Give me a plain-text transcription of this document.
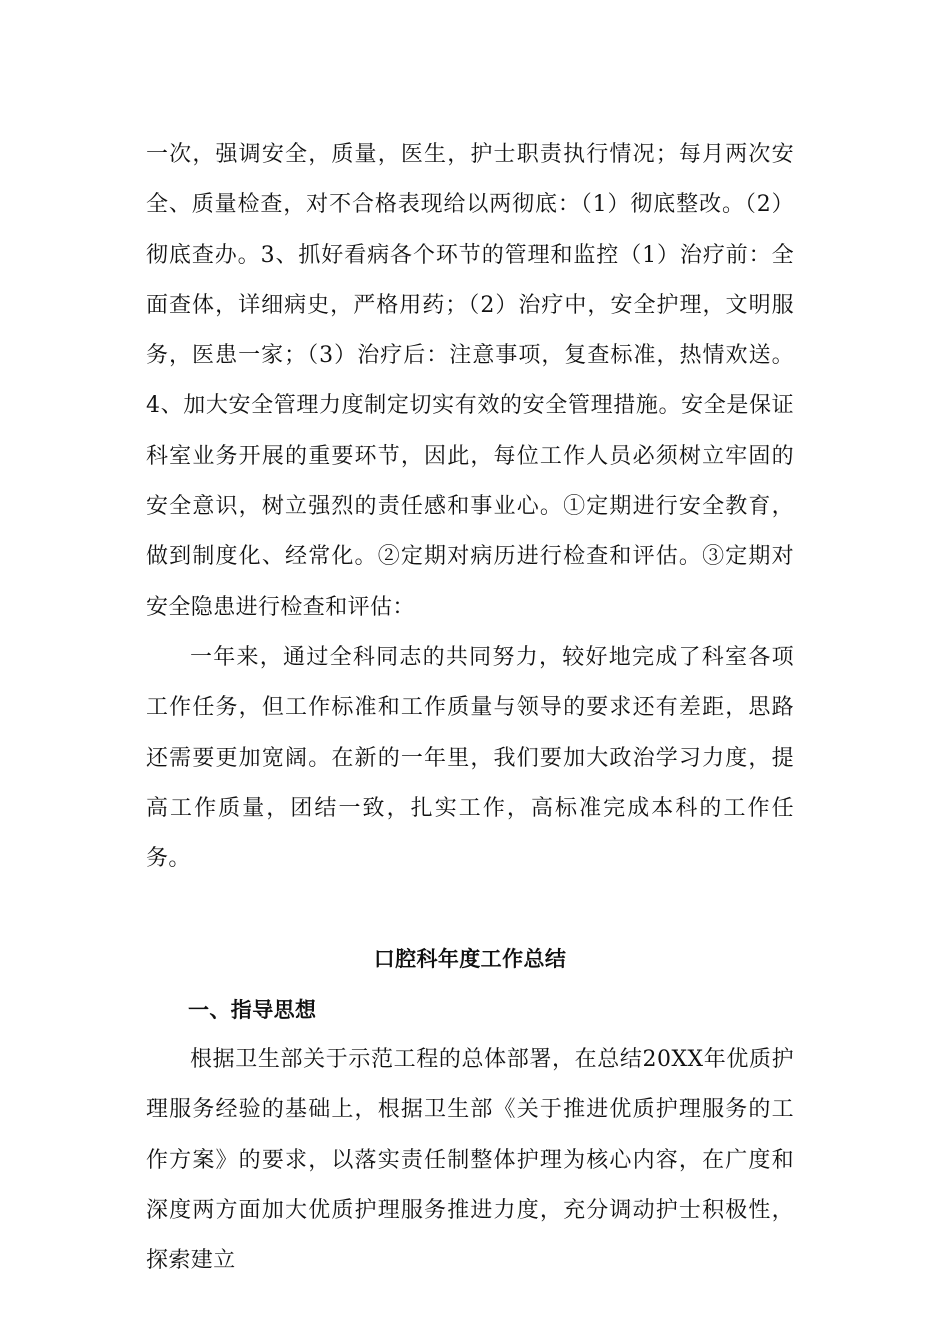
一次，强调安全，质量，医生，护士职责执行情况；每月两次安全、质量检查，对不合格表现给以两彻底：（1）彻底整改。（2）彻底查办。3、抓好看病各个环节的管理和监控（1）治疗前：全面查体，详细病史，严格用药；（2）治疗中，安全护理，文明服务，医患一家；（3）治疗后：注意事项，复查标准，热情欢送。4、加大安全管理力度制定切实有效的安全管理措施。安全是保证科室业务开展的重要环节，因此，每位工作人员必须树立牢固的安全意识，树立强烈的责任感和事业心。①定期进行安全教育，做到制度化、经常化。②定期对病历进行检查和评估。③定期对安全隐患进行检查和评估：

一年来，通过全科同志的共同努力，较好地完成了科室各项工作任务，但工作标准和工作质量与领导的要求还有差距，思路还需要更加宽阔。在新的一年里，我们要加大政治学习力度，提高工作质量，团结一致，扎实工作，高标准完成本科的工作任务。

口腔科年度工作总结

一、指导思想

根据卫生部关于示范工程的总体部署，在总结20XX年优质护理服务经验的基础上，根据卫生部《关于推进优质护理服务的工作方案》的要求，以落实责任制整体护理为核心内容，在广度和深度两方面加大优质护理服务推进力度，充分调动护士积极性，探索建立
